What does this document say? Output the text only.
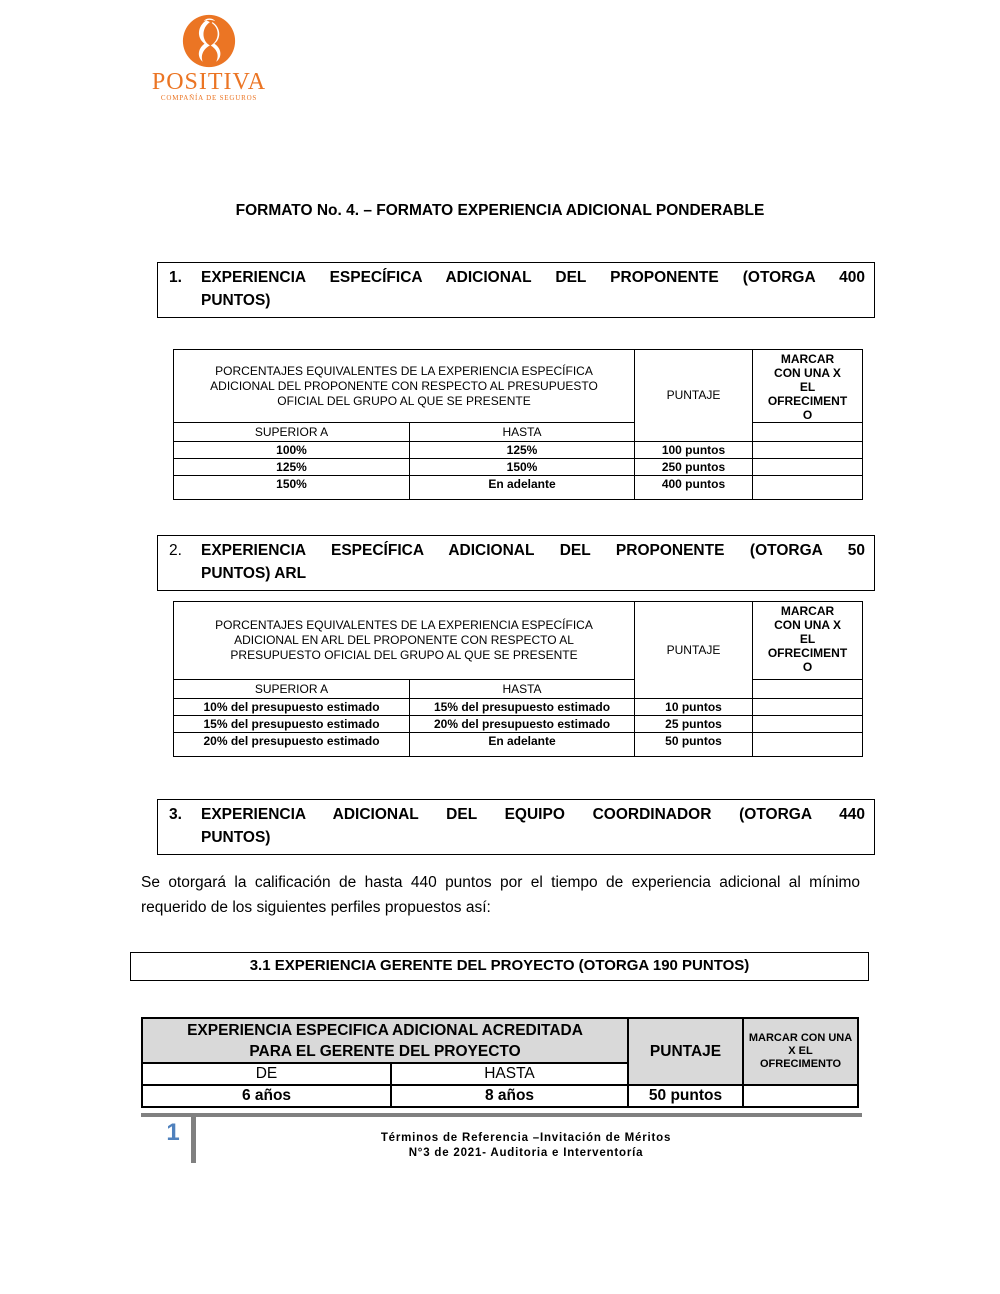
POSITIVA
COMPAÑÍA DE SEGUROS
FORMATO No. 4. – FORMATO EXPERIENCIA ADICIONAL PONDERABLE
1.	EXPERIENCIA ESPECÍFICA ADICIONAL DEL PROPONENTE (OTORGA 400
PUNTOS)
PORCENTAJES EQUIVALENTES DE LA EXPERIENCIA ESPECÍFICA
ADICIONAL DEL PROPONENTE CON RESPECTO AL PRESUPUESTO
OFICIAL DEL GRUPO AL QUE SE PRESENTE		PUNTAJE	MARCAR CON UNA X EL OFRECIMENTO

SUPERIOR A	HASTA		
100%	125%	100 puntos	
125%	150%	250 puntos	
150%	En adelante	400 puntos	
2.	EXPERIENCIA ESPECÍFICA ADICIONAL DEL PROPONENTE (OTORGA 50
PUNTOS) ARL
PORCENTAJES EQUIVALENTES DE LA EXPERIENCIA ESPECÍFICA
ADICIONAL EN ARL DEL PROPONENTE CON RESPECTO AL
PRESUPUESTO OFICIAL DEL GRUPO AL QUE SE PRESENTE		PUNTAJE	MARCAR CON UNA X EL OFRECIMENTO

SUPERIOR A	HASTA		
10% del presupuesto estimado	15% del presupuesto estimado	10 puntos	
15% del presupuesto estimado	20% del presupuesto estimado	25 puntos	
20% del presupuesto estimado	En adelante	50 puntos	
3.	EXPERIENCIA ADICIONAL DEL EQUIPO COORDINADOR (OTORGA 440
PUNTOS)
Se otorgará la calificación de hasta 440 puntos por el tiempo de experiencia adicional al mínimo requerido de los siguientes perfiles propuestos así:
3.1 EXPERIENCIA GERENTE DEL PROYECTO (OTORGA 190 PUNTOS)
EXPERIENCIA ESPECIFICA ADICIONAL ACREDITADA
PARA EL GERENTE DEL PROYECTO		PUNTAJE	MARCAR CON UNA X EL OFRECIMENTO

DE	HASTA		
6 años	8 años	50 puntos	
1	Términos de Referencia –Invitación de Méritos
N°3 de 2021- Auditoria e Interventoría
